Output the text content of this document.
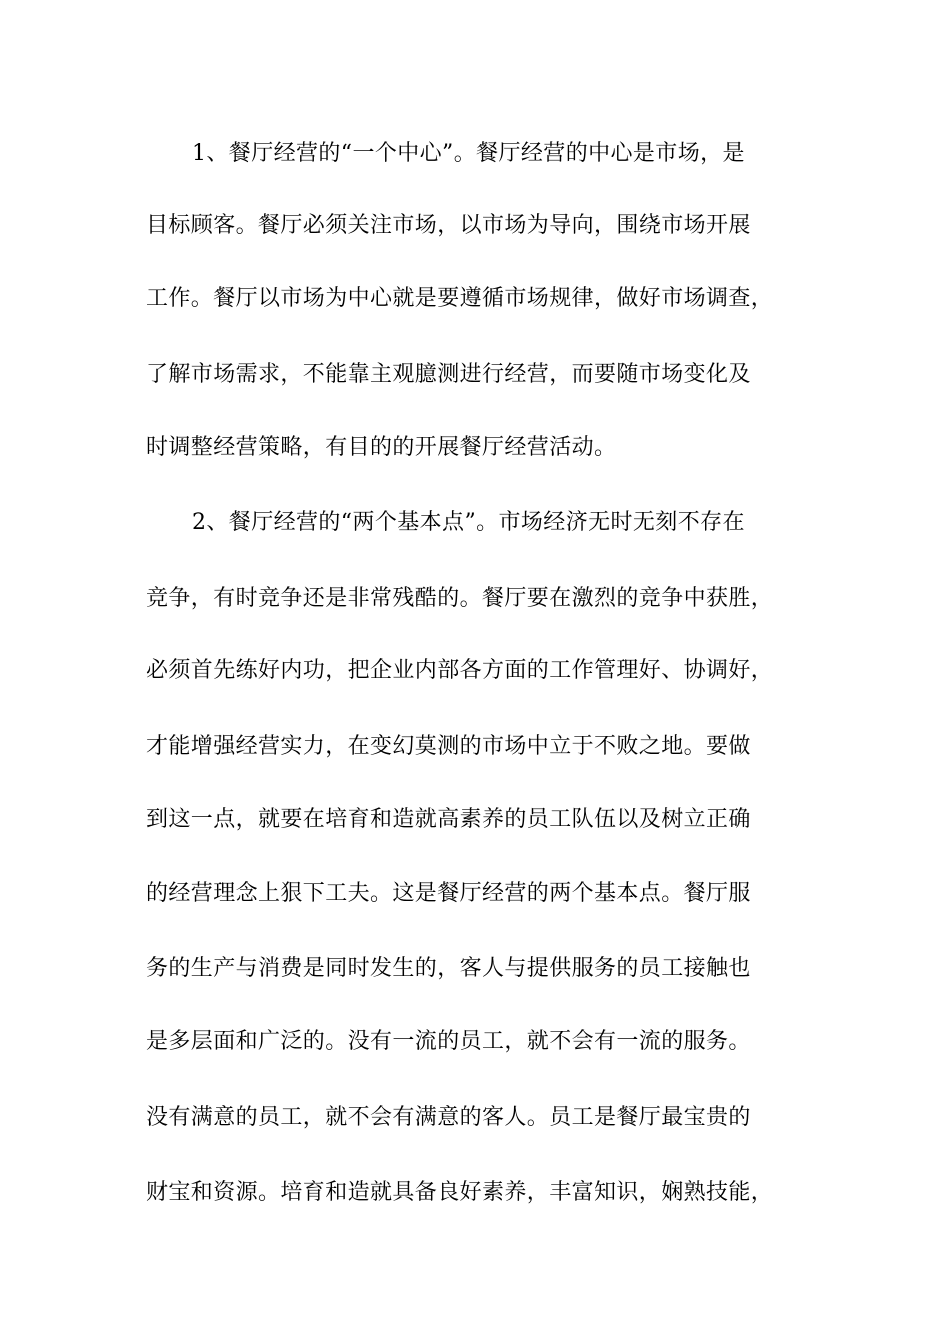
1、餐厅经营的“一个中心”。餐厅经营的中心是市场，是
目标顾客。餐厅必须关注市场，以市场为导向，围绕市场开展
工作。餐厅以市场为中心就是要遵循市场规律，做好市场调查，
了解市场需求，不能靠主观臆测进行经营，而要随市场变化及
时调整经营策略，有目的的开展餐厅经营活动。
2、餐厅经营的“两个基本点”。市场经济无时无刻不存在
竞争，有时竞争还是非常残酷的。餐厅要在激烈的竞争中获胜，
必须首先练好内功，把企业内部各方面的工作管理好、协调好，
才能增强经营实力，在变幻莫测的市场中立于不败之地。要做
到这一点，就要在培育和造就高素养的员工队伍以及树立正确
的经营理念上狠下工夫。这是餐厅经营的两个基本点。餐厅服
务的生产与消费是同时发生的，客人与提供服务的员工接触也
是多层面和广泛的。没有一流的员工，就不会有一流的服务。
没有满意的员工，就不会有满意的客人。员工是餐厅最宝贵的
财宝和资源。培育和造就具备良好素养，丰富知识，娴熟技能，
